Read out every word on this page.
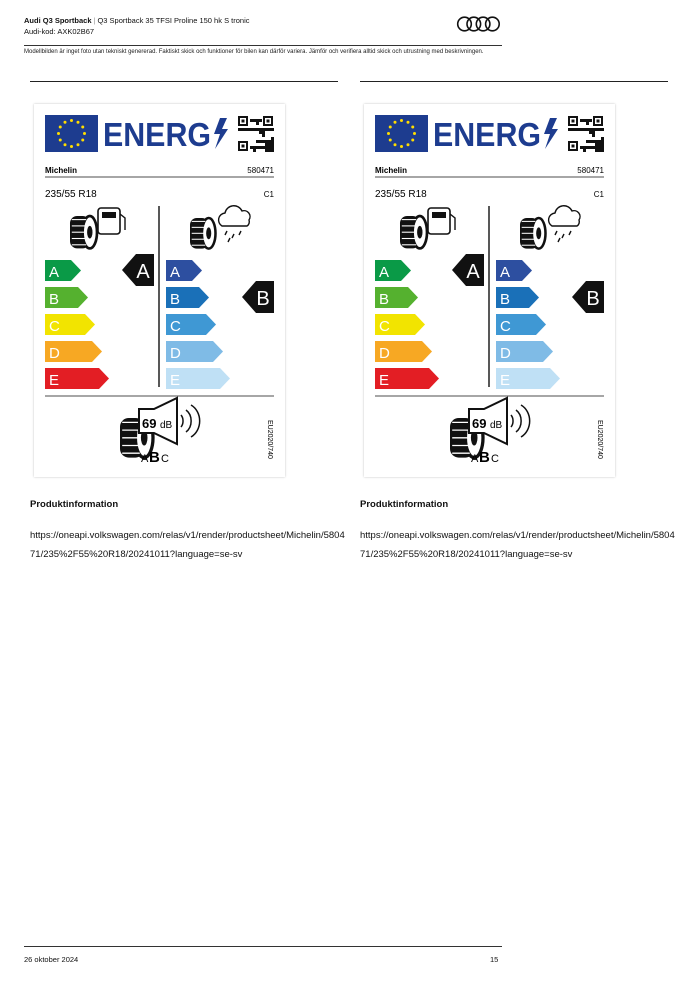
Audi Q3 Sportback | Q3 Sportback 35 TFSI Proline 150 hk S tronic
Audi-kod: AXK02B67
Modellbilden är inget foto utan tekniskt genererad. Faktiskt skick och funktioner för bilen kan därför variera. Jämför och verifiera alltid skick och utrustning med beskrivningen.
ENERG
Michelin	580471
235/55 R18	C1
A	A
B	B
C	C
D	D
E	E
A
B
69 dB
A B C
EU2020/740
ENERG
Michelin	580471
235/55 R18	C1
A	A
B	B
C	C
D	D
E	E
A
B
69 dB
A B C
EU2020/740
Produktinformation
https://oneapi.volkswagen.com/relas/v1/render/productsheet/Michelin/580471/235%2F55%20R18/20241011?language=se-sv
Produktinformation
https://oneapi.volkswagen.com/relas/v1/render/productsheet/Michelin/580471/235%2F55%20R18/20241011?language=se-sv
26 oktober 2024	15
